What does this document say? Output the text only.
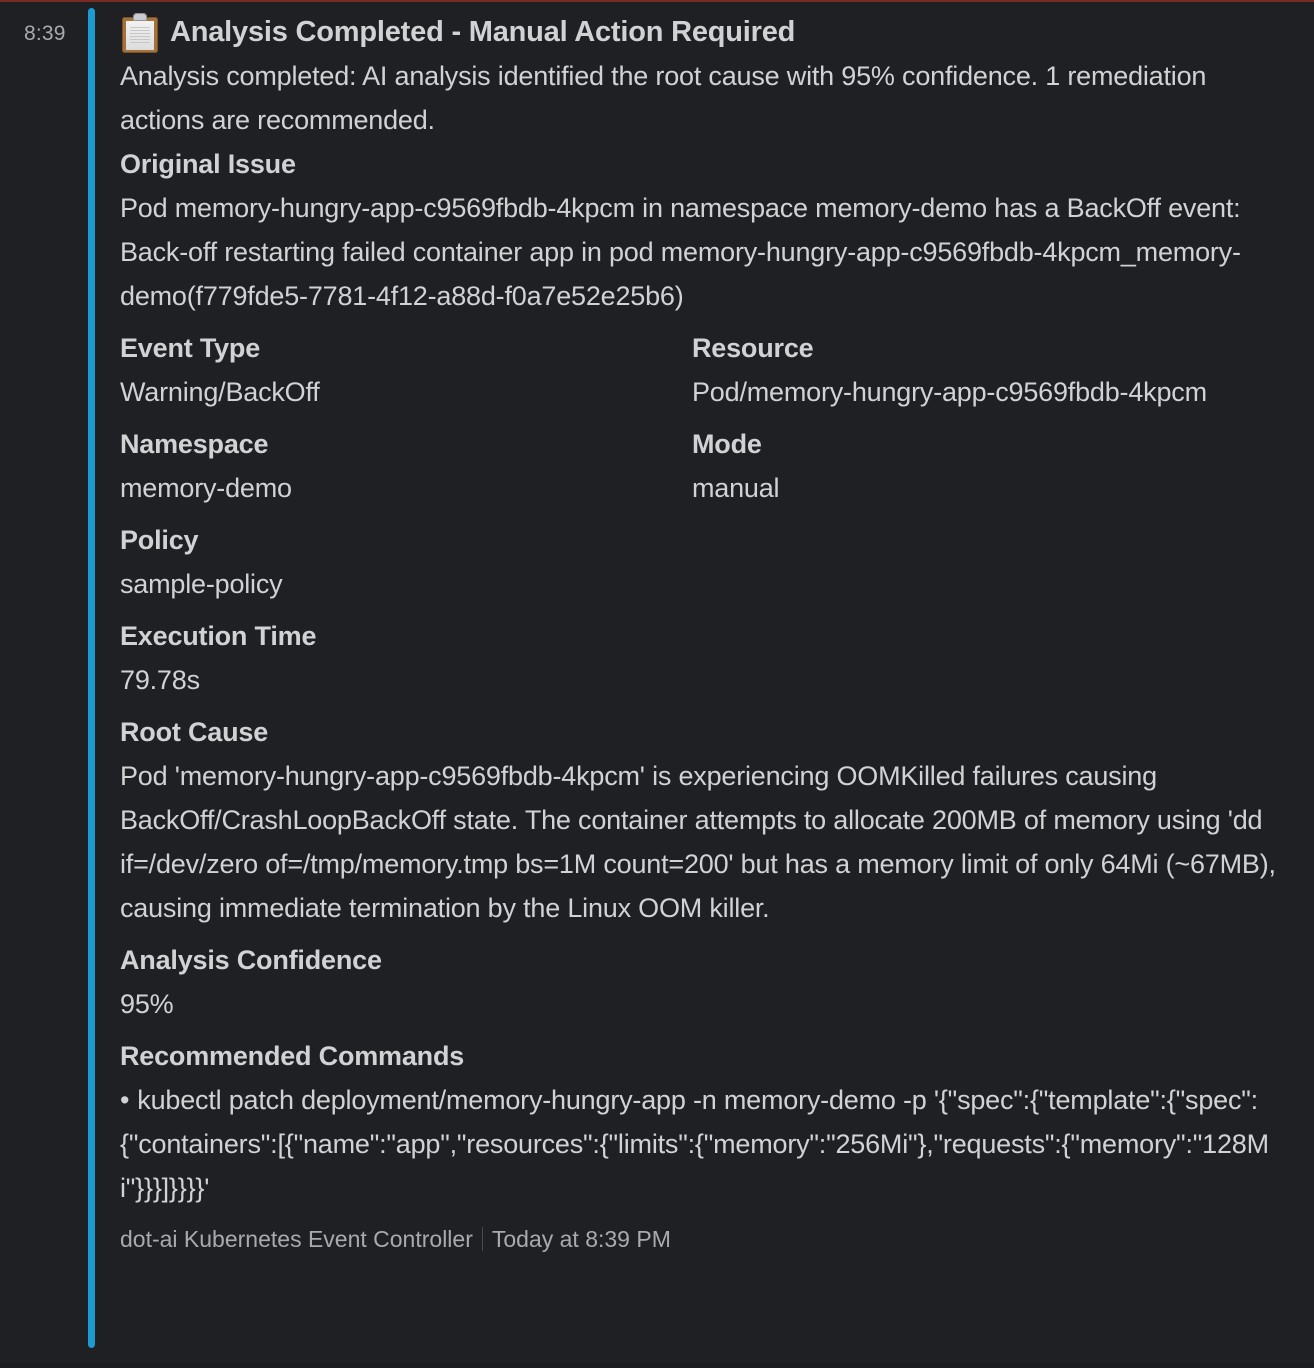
8:39	Analysis Completed - Manual Action Required
Analysis completed: AI analysis identified the root cause with 95% confidence. 1 remediation actions are recommended.
Original Issue
Pod memory-hungry-app-c9569fbdb-4kpcm in namespace memory-demo has a BackOff event: Back-off restarting failed container app in pod memory-hungry-app-c9569fbdb-4kpcm_memory-demo(f779fde5-7781-4f12-a88d-f0a7e52e25b6)
Event Type
Warning/BackOff
Resource
Pod/memory-hungry-app-c9569fbdb-4kpcm
Namespace
memory-demo
Mode
manual
Policy
sample-policy
Execution Time
79.78s
Root Cause
Pod 'memory-hungry-app-c9569fbdb-4kpcm' is experiencing OOMKilled failures causing BackOff/CrashLoopBackOff state. The container attempts to allocate 200MB of memory using 'dd if=/dev/zero of=/tmp/memory.tmp bs=1M count=200' but has a memory limit of only 64Mi (~67MB), causing immediate termination by the Linux OOM killer.
Analysis Confidence
95%
Recommended Commands
• kubectl patch deployment/memory-hungry-app -n memory-demo -p '{"spec":{"template":{"spec":{"containers":[{"name":"app","resources":{"limits":{"memory":"256Mi"},"requests":{"memory":"128Mi"}}}]}}}}'
dot-ai Kubernetes Event Controller Today at 8:39 PM
